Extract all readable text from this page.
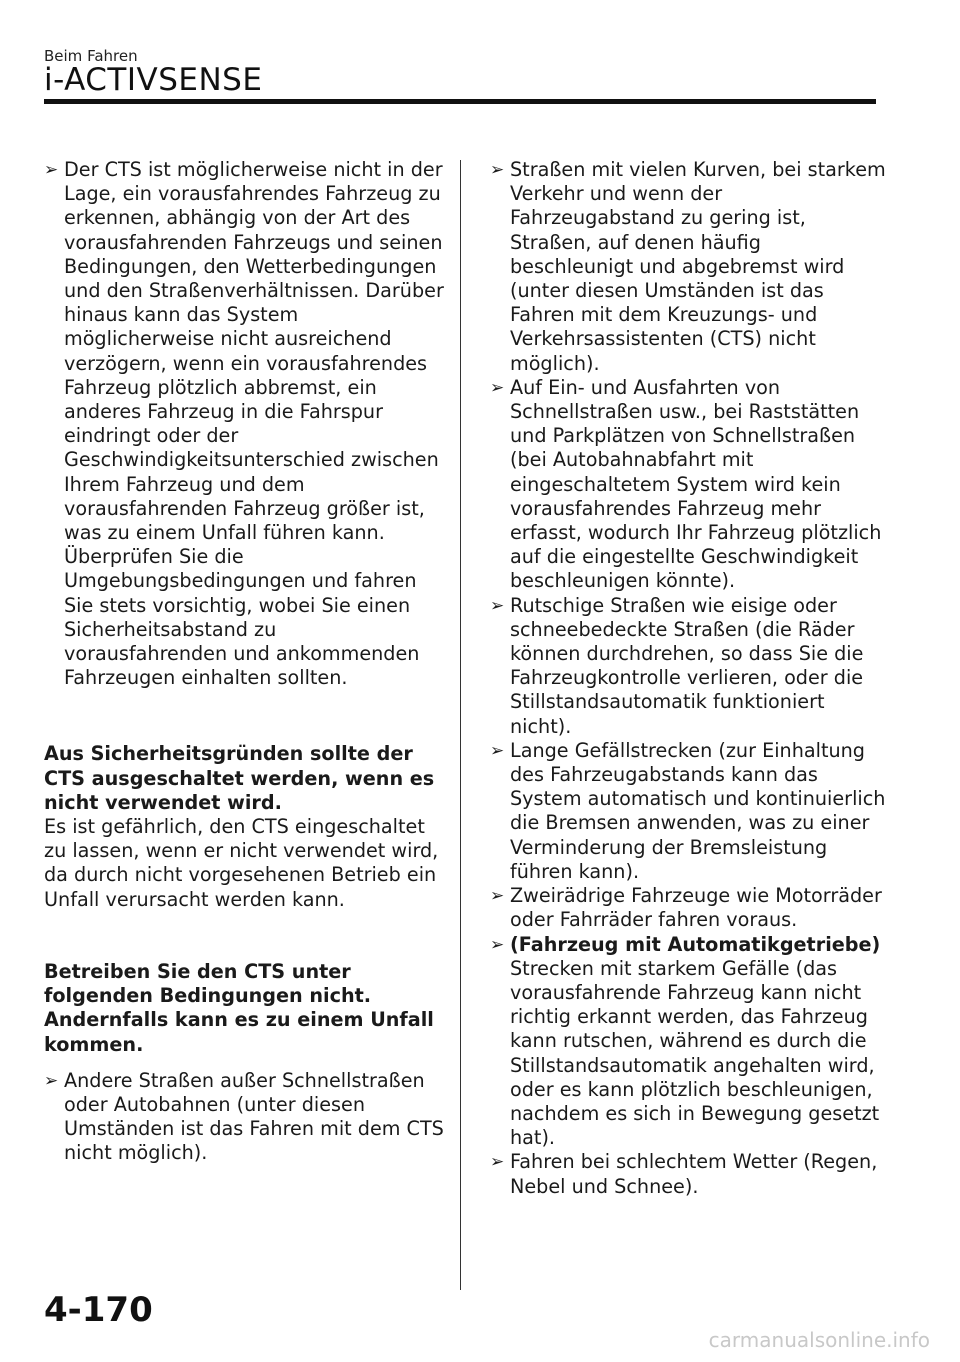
Beim Fahren
i-ACTIVSENSE

➢ Der CTS ist möglicherweise nicht in der Lage, ein vorausfahrendes Fahrzeug zu erkennen, abhängig von der Art des vorausfahrenden Fahrzeugs und seinen Bedingungen, den Wetterbedingungen und den Straßenverhältnissen. Darüber hinaus kann das System möglicherweise nicht ausreichend verzögern, wenn ein vorausfahrendes Fahrzeug plötzlich abbremst, ein anderes Fahrzeug in die Fahrspur eindringt oder der Geschwindigkeitsunterschied zwischen Ihrem Fahrzeug und dem vorausfahrenden Fahrzeug größer ist, was zu einem Unfall führen kann. Überprüfen Sie die Umgebungsbedingungen und fahren Sie stets vorsichtig, wobei Sie einen Sicherheitsabstand zu vorausfahrenden und ankommenden Fahrzeugen einhalten sollten.

Aus Sicherheitsgründen sollte der CTS ausgeschaltet werden, wenn es nicht verwendet wird.

Es ist gefährlich, den CTS eingeschaltet zu lassen, wenn er nicht verwendet wird, da durch nicht vorgesehenen Betrieb ein Unfall verursacht werden kann.

Betreiben Sie den CTS unter folgenden Bedingungen nicht. Andernfalls kann es zu einem Unfall kommen.

➢ Andere Straßen außer Schnellstraßen oder Autobahnen (unter diesen Umständen ist das Fahren mit dem CTS nicht möglich).

➢ Straßen mit vielen Kurven, bei starkem Verkehr und wenn der Fahrzeugabstand zu gering ist, Straßen, auf denen häufig beschleunigt und abgebremst wird (unter diesen Umständen ist das Fahren mit dem Kreuzungs- und Verkehrsassistenten (CTS) nicht möglich).

➢ Auf Ein- und Ausfahrten von Schnellstraßen usw., bei Raststätten und Parkplätzen von Schnellstraßen (bei Autobahnabfahrt mit eingeschaltetem System wird kein vorausfahrendes Fahrzeug mehr erfasst, wodurch Ihr Fahrzeug plötzlich auf die eingestellte Geschwindigkeit beschleunigen könnte).

➢ Rutschige Straßen wie eisige oder schneebedeckte Straßen (die Räder können durchdrehen, so dass Sie die Fahrzeugkontrolle verlieren, oder die Stillstandsautomatik funktioniert nicht).

➢ Lange Gefällstrecken (zur Einhaltung des Fahrzeugabstands kann das System automatisch und kontinuierlich die Bremsen anwenden, was zu einer Verminderung der Bremsleistung führen kann).

➢ Zweirädrige Fahrzeuge wie Motorräder oder Fahrräder fahren voraus.

➢ (Fahrzeug mit Automatikgetriebe)
Strecken mit starkem Gefälle (das vorausfahrende Fahrzeug kann nicht richtig erkannt werden, das Fahrzeug kann rutschen, während es durch die Stillstandsautomatik angehalten wird, oder es kann plötzlich beschleunigen, nachdem es sich in Bewegung gesetzt hat).

➢ Fahren bei schlechtem Wetter (Regen, Nebel und Schnee).

4-170
carmanualsonline.info
